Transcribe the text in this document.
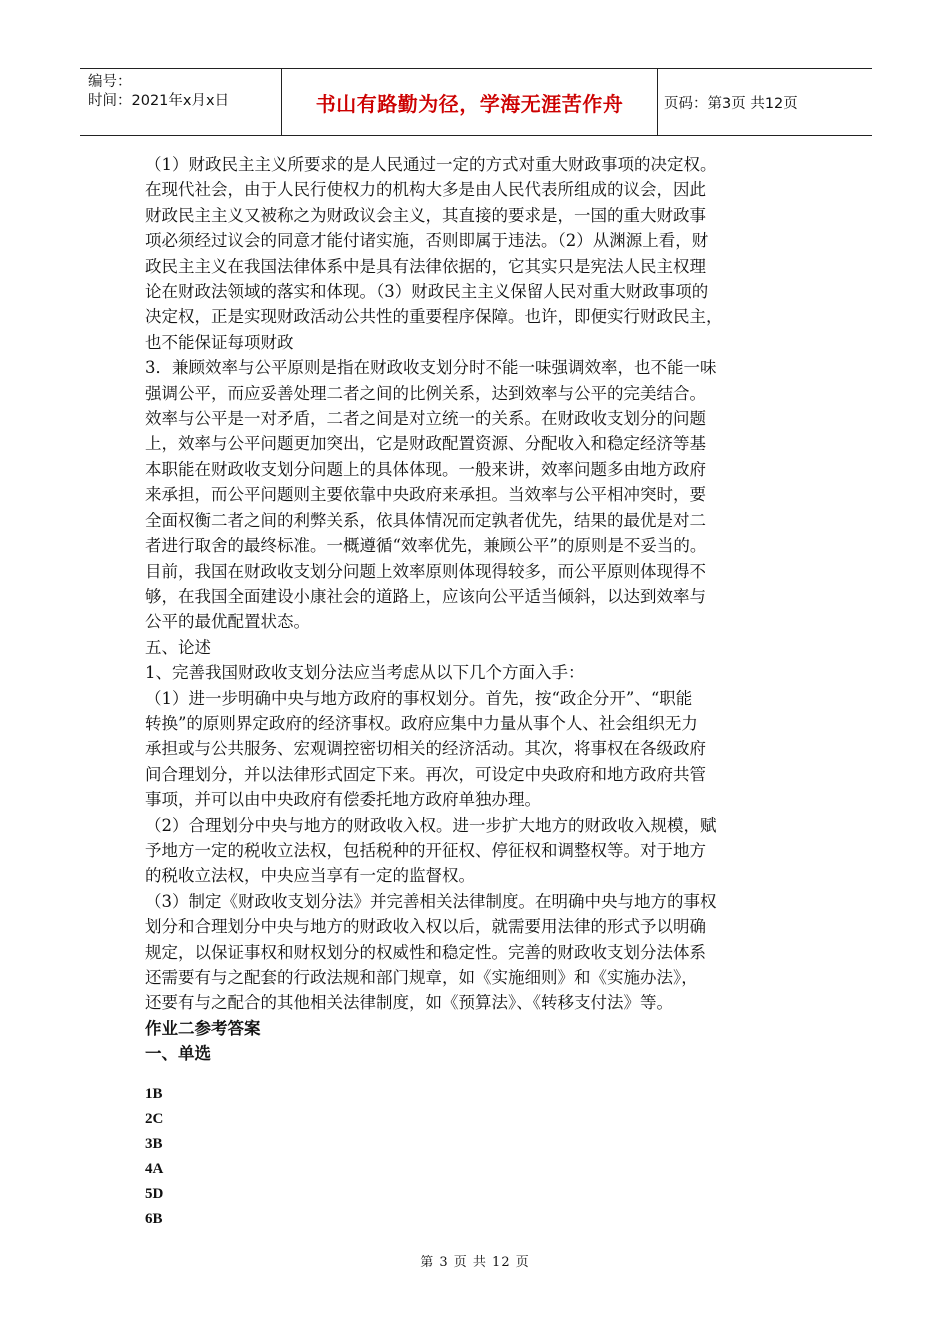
编号：
时间：2021年x月x日	书山有路勤为径，学海无涯苦作舟	页码：第3页 共12页

（1）财政民主主义所要求的是人民通过一定的方式对重大财政事项的决定权。

在现代社会，由于人民行使权力的机构大多是由人民代表所组成的议会，因此

财政民主主义又被称之为财政议会主义，其直接的要求是，一国的重大财政事

项必须经过议会的同意才能付诸实施，否则即属于违法。（2）从渊源上看，财

政民主主义在我国法律体系中是具有法律依据的，它其实只是宪法人民主权理

论在财政法领域的落实和体现。（3）财政民主主义保留人民对重大财政事项的

决定权，正是实现财政活动公共性的重要程序保障。也许，即便实行财政民主，

也不能保证每项财政

3．兼顾效率与公平原则是指在财政收支划分时不能一味强调效率，也不能一味

强调公平，而应妥善处理二者之间的比例关系，达到效率与公平的完美结合。

效率与公平是一对矛盾，二者之间是对立统一的关系。在财政收支划分的问题

上，效率与公平问题更加突出，它是财政配置资源、分配收入和稳定经济等基

本职能在财政收支划分问题上的具体体现。一般来讲，效率问题多由地方政府

来承担，而公平问题则主要依靠中央政府来承担。当效率与公平相冲突时，要

全面权衡二者之间的利弊关系，依具体情况而定孰者优先，结果的最优是对二

者进行取舍的最终标准。一概遵循“效率优先，兼顾公平”的原则是不妥当的。

目前，我国在财政收支划分问题上效率原则体现得较多，而公平原则体现得不

够，在我国全面建设小康社会的道路上，应该向公平适当倾斜，以达到效率与

公平的最优配置状态。

五、论述

1、完善我国财政收支划分法应当考虑从以下几个方面入手：

（1）进一步明确中央与地方政府的事权划分。首先，按“政企分开”、“职能

转换”的原则界定政府的经济事权。政府应集中力量从事个人、社会组织无力

承担或与公共服务、宏观调控密切相关的经济活动。其次，将事权在各级政府

间合理划分，并以法律形式固定下来。再次，可设定中央政府和地方政府共管

事项，并可以由中央政府有偿委托地方政府单独办理。

（2）合理划分中央与地方的财政收入权。进一步扩大地方的财政收入规模，赋

予地方一定的税收立法权，包括税种的开征权、停征权和调整权等。对于地方

的税收立法权，中央应当享有一定的监督权。

（3）制定《财政收支划分法》并完善相关法律制度。在明确中央与地方的事权

划分和合理划分中央与地方的财政收入权以后，就需要用法律的形式予以明确

规定，以保证事权和财权划分的权威性和稳定性。完善的财政收支划分法体系

还需要有与之配套的行政法规和部门规章，如《实施细则》和《实施办法》，

还要有与之配合的其他相关法律制度，如《预算法》、《转移支付法》等。

作业二参考答案

一、单选

1B
2C
3B
4A
5D
6B
第 3 页 共 12 页
